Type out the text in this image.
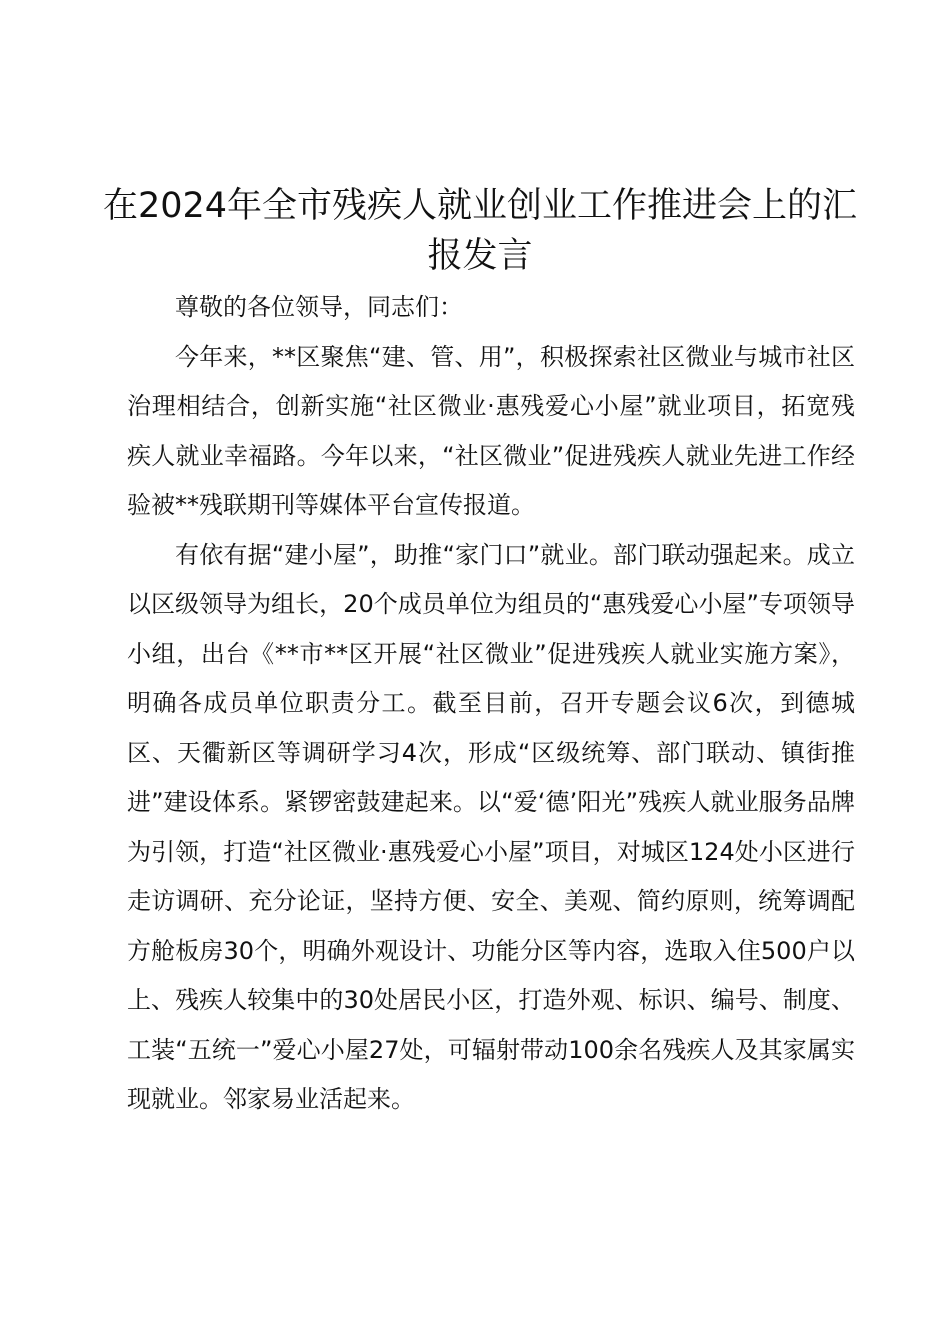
在2024年全市残疾人就业创业工作推进会上的汇报发言

尊敬的各位领导，同志们：

今年来，**区聚焦“建、管、用”，积极探索社区微业与城市社区治理相结合，创新实施“社区微业·惠残爱心小屋”就业项目，拓宽残疾人就业幸福路。今年以来，“社区微业”促进残疾人就业先进工作经验被**残联期刊等媒体平台宣传报道。

有依有据“建小屋”，助推“家门口”就业。部门联动强起来。成立以区级领导为组长，20个成员单位为组员的“惠残爱心小屋”专项领导小组，出台《**市**区开展“社区微业”促进残疾人就业实施方案》，明确各成员单位职责分工。截至目前，召开专题会议6次，到德城区、天衢新区等调研学习4次，形成“区级统筹、部门联动、镇街推进”建设体系。紧锣密鼓建起来。以“爱‘德’阳光”残疾人就业服务品牌为引领，打造“社区微业·惠残爱心小屋”项目，对城区124处小区进行走访调研、充分论证，坚持方便、安全、美观、简约原则，统筹调配方舱板房30个，明确外观设计、功能分区等内容，选取入住500户以上、残疾人较集中的30处居民小区，打造外观、标识、编号、制度、工装“五统一”爱心小屋27处，可辐射带动100余名残疾人及其家属实现就业。邻家易业活起来。
